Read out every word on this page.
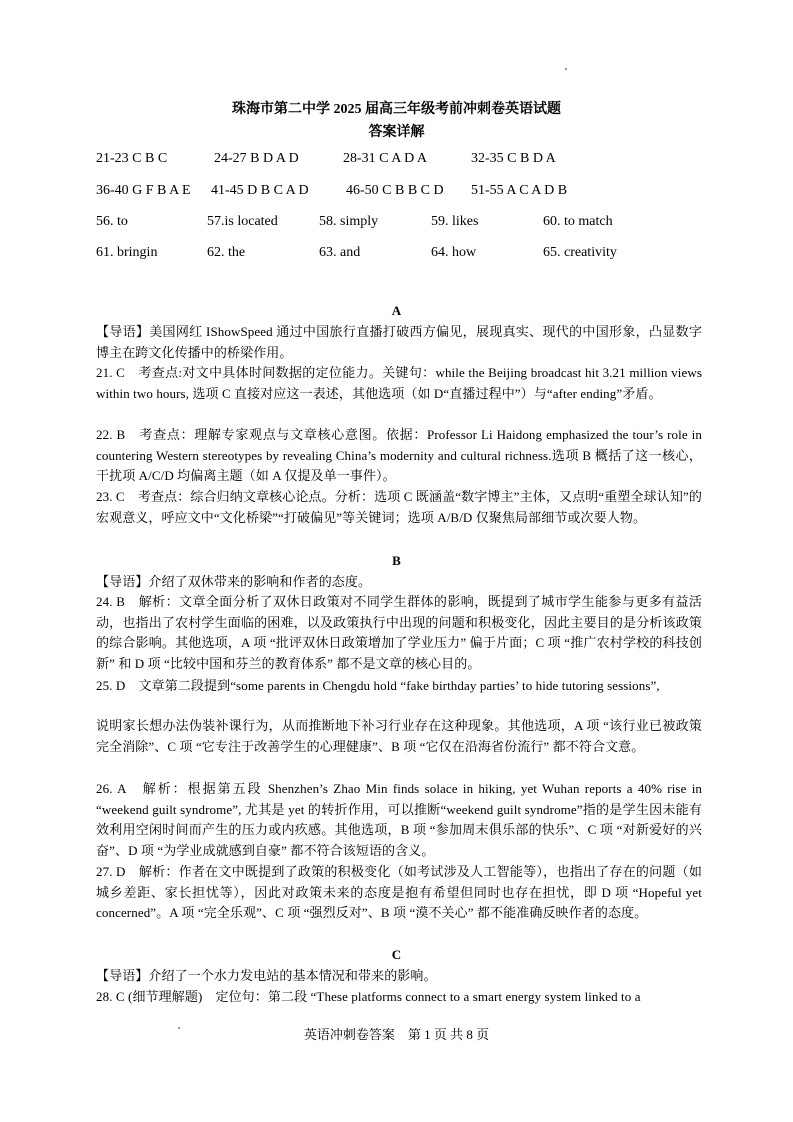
珠海市第二中学 2025 届高三年级考前冲刺卷英语试题
答案详解
21-23 C B C	24-27 B D A D	28-31 C A D A	32-35 C B D A
36-40 G F B A E 41-45 D B C A D	46-50 C B B C D 51-55 A C A D B
56. to	57.is located	58. simply	59. likes	60. to match
61. bringin	62. the	63. and	64. how	65. creativity
A

【导语】美国网红 IShowSpeed 通过中国旅行直播打破西方偏见，展现真实、现代的中国形象，凸显数字博主在跨文化传播中的桥梁作用。

21. C　考查点:对文中具体时间数据的定位能力。关键句：while the Beijing broadcast hit 3.21 million views within two hours, 选项 C 直接对应这一表述，其他选项（如 D“直播过程中”）与“after ending”矛盾。

22. B　考查点：理解专家观点与文章核心意图。依据：Professor Li Haidong emphasized the tour’s role in countering Western stereotypes by revealing China’s modernity and cultural richness.选项 B 概括了这一核心，干扰项 A/C/D 均偏离主题（如 A 仅提及单一事件）。

23. C　考查点：综合归纳文章核心论点。分析：选项 C 既涵盖“数字博主”主体，又点明“重塑全球认知”的宏观意义，呼应文中“文化桥梁”“打破偏见”等关键词；选项 A/B/D 仅聚焦局部细节或次要人物。

B

【导语】介绍了双休带来的影响和作者的态度。

24. B　解析：文章全面分析了双休日政策对不同学生群体的影响，既提到了城市学生能参与更多有益活动，也指出了农村学生面临的困难，以及政策执行中出现的问题和积极变化，因此主要目的是分析该政策的综合影响。其他选项，A 项 “批评双休日政策增加了学业压力” 偏于片面；C 项 “推广农村学校的科技创新” 和 D 项 “比较中国和芬兰的教育体系” 都不是文章的核心目的。

25. D　文章第二段提到“some parents in Chengdu hold “fake birthday parties’ to hide tutoring sessions”,

说明家长想办法伪装补课行为，从而推断地下补习行业存在这种现象。其他选项，A 项 “该行业已被政策完全消除”、C 项 “它专注于改善学生的心理健康”、B 项 “它仅在沿海省份流行” 都不符合文意。

26. A　解析：根据第五段 Shenzhen’s Zhao Min finds solace in hiking, yet Wuhan reports a 40% rise in “weekend guilt syndrome”, 尤其是 yet 的转折作用，可以推断“weekend guilt syndrome”指的是学生因未能有效利用空闲时间而产生的压力或内疚感。其他选项，B 项 “参加周末俱乐部的快乐”、C 项 “对新爱好的兴奋”、D 项 “为学业成就感到自豪” 都不符合该短语的含义。

27. D　解析：作者在文中既提到了政策的积极变化（如考试涉及人工智能等），也指出了存在的问题（如城乡差距、家长担忧等），因此对政策未来的态度是抱有希望但同时也存在担忧，即 D 项 “Hopeful yet concerned”。A 项 “完全乐观”、C 项 “强烈反对”、B 项 “漠不关心” 都不能准确反映作者的态度。

C

【导语】介绍了一个水力发电站的基本情况和带来的影响。

28. C (细节理解题)　定位句：第二段 “These platforms connect to a smart energy system linked to a

英语冲刺卷答案　第 1 页 共 8 页
